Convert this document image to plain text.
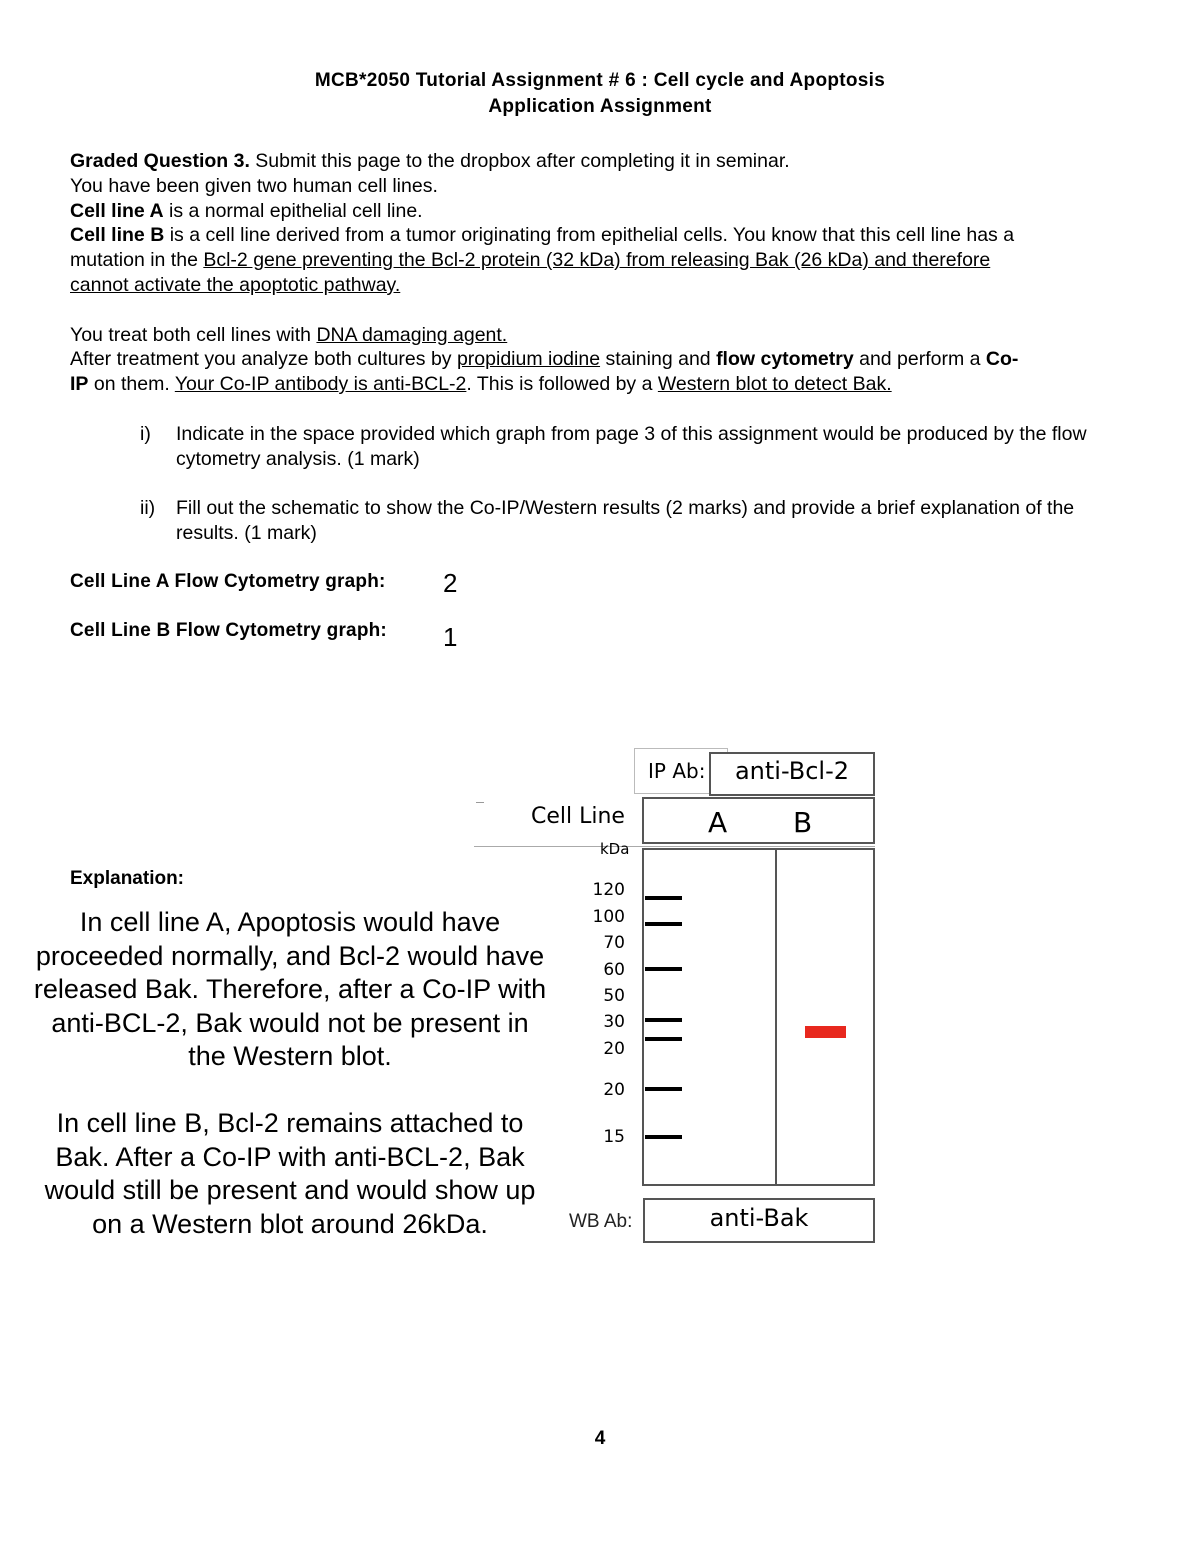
MCB*2050 Tutorial Assignment # 6 : Cell cycle and Apoptosis
Application Assignment

Graded Question 3. Submit this page to the dropbox after completing it in seminar.

You have been given two human cell lines.

Cell line A is a normal epithelial cell line.

Cell line B is a cell line derived from a tumor originating from epithelial cells. You know that this cell line has a

mutation in the Bcl-2 gene preventing the Bcl-2 protein (32 kDa) from releasing Bak (26 kDa) and therefore

cannot activate the apoptotic pathway.

You treat both cell lines with DNA damaging agent.

After treatment you analyze both cultures by propidium iodine staining and flow cytometry and perform a Co-

IP on them. Your Co-IP antibody is anti-BCL-2. This is followed by a Western blot to detect Bak.

i) Indicate in the space provided which graph from page 3 of this assignment would be produced by the flow cytometry analysis. (1 mark)
ii) Fill out the schematic to show the Co-IP/Western results (2 marks) and provide a brief explanation of the results. (1 mark)
Cell Line A Flow Cytometry graph: 2
Cell Line B Flow Cytometry graph: 1
Explanation:

In cell line A, Apoptosis would have proceeded normally, and Bcl-2 would have released Bak. Therefore, after a Co-IP with anti-BCL-2, Bak would not be present in the Western blot.

In cell line B, Bcl-2 remains attached to Bak. After a Co-IP with anti-BCL-2, Bak would still be present and would show up on a Western blot around 26kDa.

IP Ab:	anti-Bcl-2
Cell Line	A B
kDa
120
100
70
60
50
30
20
20
15
WB Ab:	anti-Bak
4
